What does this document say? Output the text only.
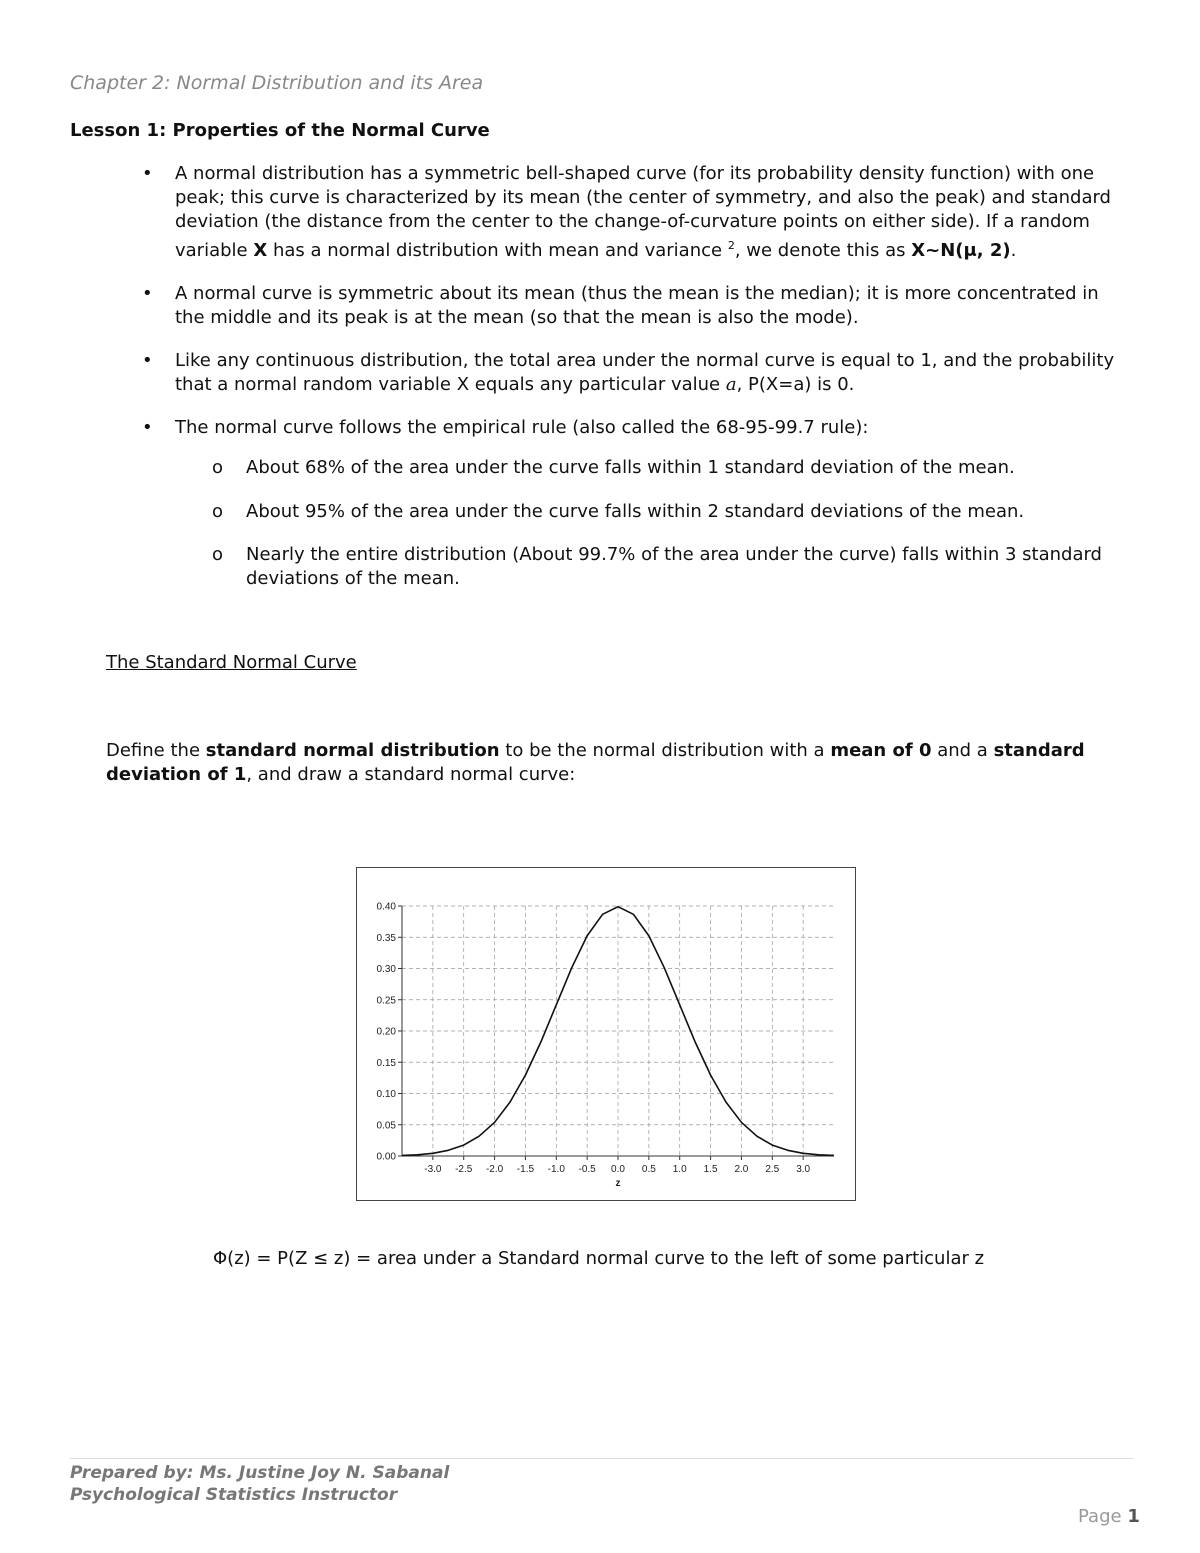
Chapter 2: Normal Distribution and its Area
Lesson 1: Properties of the Normal Curve
• A normal distribution has a symmetric bell-shaped curve (for its probability density function) with one peak; this curve is characterized by its mean (the center of symmetry, and also the peak) and standard deviation (the distance from the center to the change-of-curvature points on either side). If a random variable X has a normal distribution with mean and variance $^2$, we denote this as X~N(μ, 2).
• A normal curve is symmetric about its mean (thus the mean is the median); it is more concentrated in the middle and its peak is at the mean (so that the mean is also the mode).
• Like any continuous distribution, the total area under the normal curve is equal to 1, and the probability that a normal random variable X equals any particular value a, P(X=a) is 0.
• The normal curve follows the empirical rule (also called the 68-95-99.7 rule):
o About 68% of the area under the curve falls within 1 standard deviation of the mean.
o About 95% of the area under the curve falls within 2 standard deviations of the mean.
o Nearly the entire distribution (About 99.7% of the area under the curve) falls within 3 standard deviations of the mean.
The Standard Normal Curve
Define the standard normal distribution to be the normal distribution with a mean of 0 and a standard deviation of 1, and draw a standard normal curve:
0.00
0.05
0.10
0.15
0.20
0.25
0.30
0.35
0.40
-3.0 -2.5 -2.0 -1.5 -1.0 -0.5 0.0 0.5 1.0 1.5 2.0 2.5 3.0
z
Φ(z) = P(Z ≤ z) = area under a Standard normal curve to the left of some particular z
Prepared by: Ms. Justine Joy N. Sabanal
Psychological Statistics Instructor
Page 1
